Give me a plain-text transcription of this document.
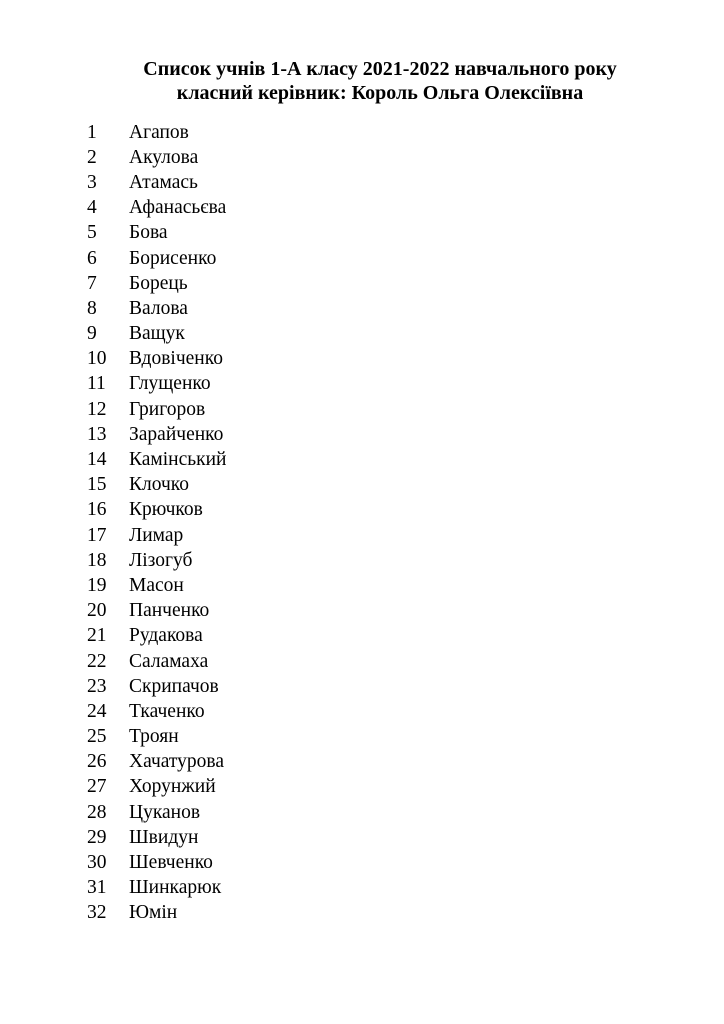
Список учнів 1-А класу 2021-2022 навчального року
класний керівник: Король Ольга Олексіївна
1	Агапов
2	Акулова
3	Атамась
4	Афанасьєва
5	Бова
6	Борисенко
7	Борець
8	Валова
9	Ващук
10	Вдовіченко
11	Глущенко
12	Григоров
13	Зарайченко
14	Камінський
15	Клочко
16	Крючков
17	Лимар
18	Лізогуб
19	Масон
20	Панченко
21	Рудакова
22	Саламаха
23	Скрипачов
24	Ткаченко
25	Троян
26	Хачатурова
27	Хорунжий
28	Цуканов
29	Швидун
30	Шевченко
31	Шинкарюк
32	Юмін
